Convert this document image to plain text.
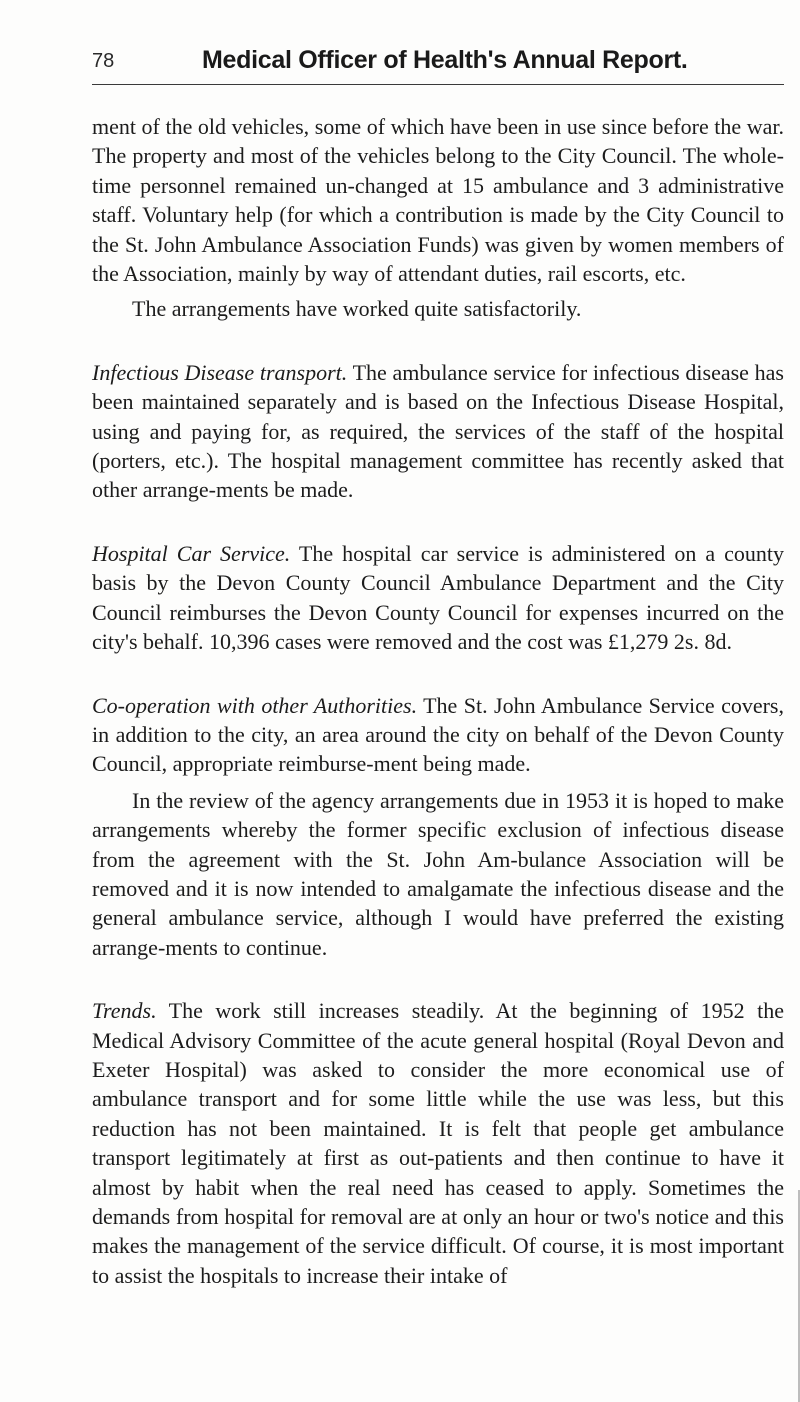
78	Medical Officer of Health's Annual Report.

ment of the old vehicles, some of which have been in use since before the war. The property and most of the vehicles belong to the City Council. The whole-time personnel remained un-changed at 15 ambulance and 3 administrative staff. Voluntary help (for which a contribution is made by the City Council to the St. John Ambulance Association Funds) was given by women members of the Association, mainly by way of attendant duties, rail escorts, etc.

The arrangements have worked quite satisfactorily.

Infectious Disease transport. The ambulance service for infectious disease has been maintained separately and is based on the Infectious Disease Hospital, using and paying for, as required, the services of the staff of the hospital (porters, etc.). The hospital management committee has recently asked that other arrange-ments be made.

Hospital Car Service. The hospital car service is administered on a county basis by the Devon County Council Ambulance Department and the City Council reimburses the Devon County Council for expenses incurred on the city's behalf. 10,396 cases were removed and the cost was £1,279 2s. 8d.

Co-operation with other Authorities. The St. John Ambulance Service covers, in addition to the city, an area around the city on behalf of the Devon County Council, appropriate reimburse-ment being made.

In the review of the agency arrangements due in 1953 it is hoped to make arrangements whereby the former specific exclusion of infectious disease from the agreement with the St. John Am-bulance Association will be removed and it is now intended to amalgamate the infectious disease and the general ambulance service, although I would have preferred the existing arrange-ments to continue.

Trends. The work still increases steadily. At the beginning of 1952 the Medical Advisory Committee of the acute general hospital (Royal Devon and Exeter Hospital) was asked to consider the more economical use of ambulance transport and for some little while the use was less, but this reduction has not been maintained. It is felt that people get ambulance transport legitimately at first as out-patients and then continue to have it almost by habit when the real need has ceased to apply. Sometimes the demands from hospital for removal are at only an hour or two's notice and this makes the management of the service difficult. Of course, it is most important to assist the hospitals to increase their intake of
